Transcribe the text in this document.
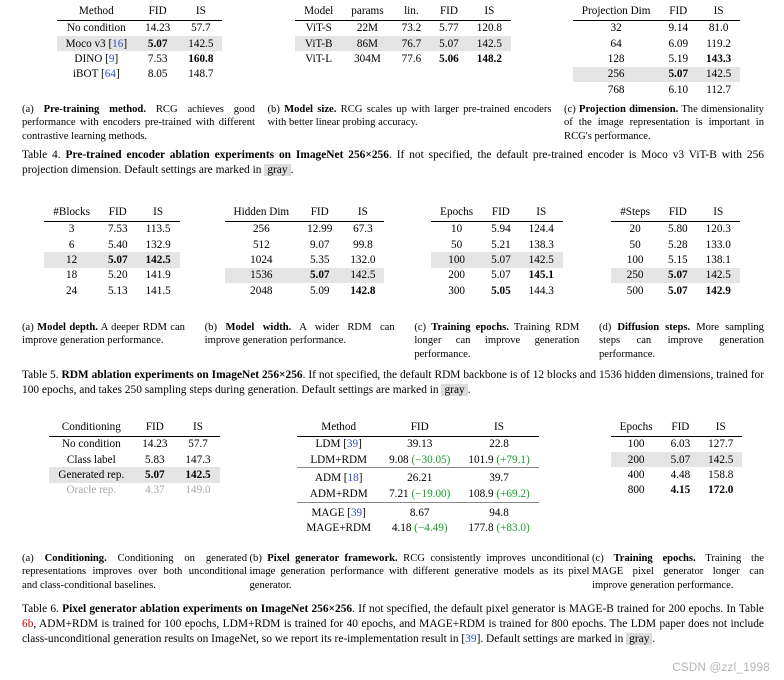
Method	FID	IS
No condition	14.23	57.7
Moco v3 [16]	5.07	142.5
DINO [9]	7.53	160.8
iBOT [64]	8.05	148.7
Model	params	lin.	FID	IS
ViT-S	22M	73.2	5.77	120.8
ViT-B	86M	76.7	5.07	142.5
ViT-L	304M	77.6	5.06	148.2
Projection Dim	FID	IS
32	9.14	81.0
64	6.09	119.2
128	5.19	143.3
256	5.07	142.5
768	6.10	112.7
(a) Pre-training method. RCG achieves good performance with encoders pre-trained with different contrastive learning methods.
(b) Model size. RCG scales up with larger pre-trained encoders with better linear probing accuracy.
(c) Projection dimension. The dimensionality of the image representation is important in RCG's performance.
Table 4. Pre-trained encoder ablation experiments on ImageNet 256×256. If not specified, the default pre-trained encoder is Moco v3 ViT-B with 256 projection dimension. Default settings are marked in gray .
#Blocks	FID	IS
3	7.53	113.5
6	5.40	132.9
12	5.07	142.5
18	5.20	141.9
24	5.13	141.5
Hidden Dim	FID	IS
256	12.99	67.3
512	9.07	99.8
1024	5.35	132.0
1536	5.07	142.5
2048	5.09	142.8
Epochs	FID	IS
10	5.94	124.4
50	5.21	138.3
100	5.07	142.5
200	5.07	145.1
300	5.05	144.3
#Steps	FID	IS
20	5.80	120.3
50	5.28	133.0
100	5.15	138.1
250	5.07	142.5
500	5.07	142.9
(a) Model depth. A deeper RDM can improve generation performance.
(b) Model width. A wider RDM can improve generation performance.
(c) Training epochs. Training RDM longer can improve generation performance.
(d) Diffusion steps. More sampling steps can improve generation performance.
Table 5. RDM ablation experiments on ImageNet 256×256. If not specified, the default RDM backbone is of 12 blocks and 1536 hidden dimensions, trained for 100 epochs, and takes 250 sampling steps during generation. Default settings are marked in gray .
Conditioning	FID	IS
No condition	14.23	57.7
Class label	5.83	147.3
Generated rep.	5.07	142.5
Oracle rep.	4.37	149.0
Method	FID	IS
LDM [39]	39.13	22.8
LDM+RDM	9.08 (−30.05)	101.9 (+79.1)
ADM [18]	26.21	39.7
ADM+RDM	7.21 (−19.00)	108.9 (+69.2)
MAGE [39]	8.67	94.8
MAGE+RDM	4.18 (−4.49)	177.8 (+83.0)
Epochs	FID	IS
100	6.03	127.7
200	5.07	142.5
400	4.48	158.8
800	4.15	172.0
(a) Conditioning. Conditioning on generated representations improves over both unconditional and class-conditional baselines.
(b) Pixel generator framework. RCG consistently improves unconditional image generation performance with different generative models as its pixel generator.
(c) Training epochs. Training the MAGE pixel generator longer can improve generation performance.
Table 6. Pixel generator ablation experiments on ImageNet 256×256. If not specified, the default pixel generator is MAGE-B trained for 200 epochs. In Table 6b, ADM+RDM is trained for 100 epochs, LDM+RDM is trained for 40 epochs, and MAGE+RDM is trained for 800 epochs. The LDM paper does not include class-unconditional generation results on ImageNet, so we report its re-implementation result in [39]. Default settings are marked in gray .
CSDN @zzl_1998
